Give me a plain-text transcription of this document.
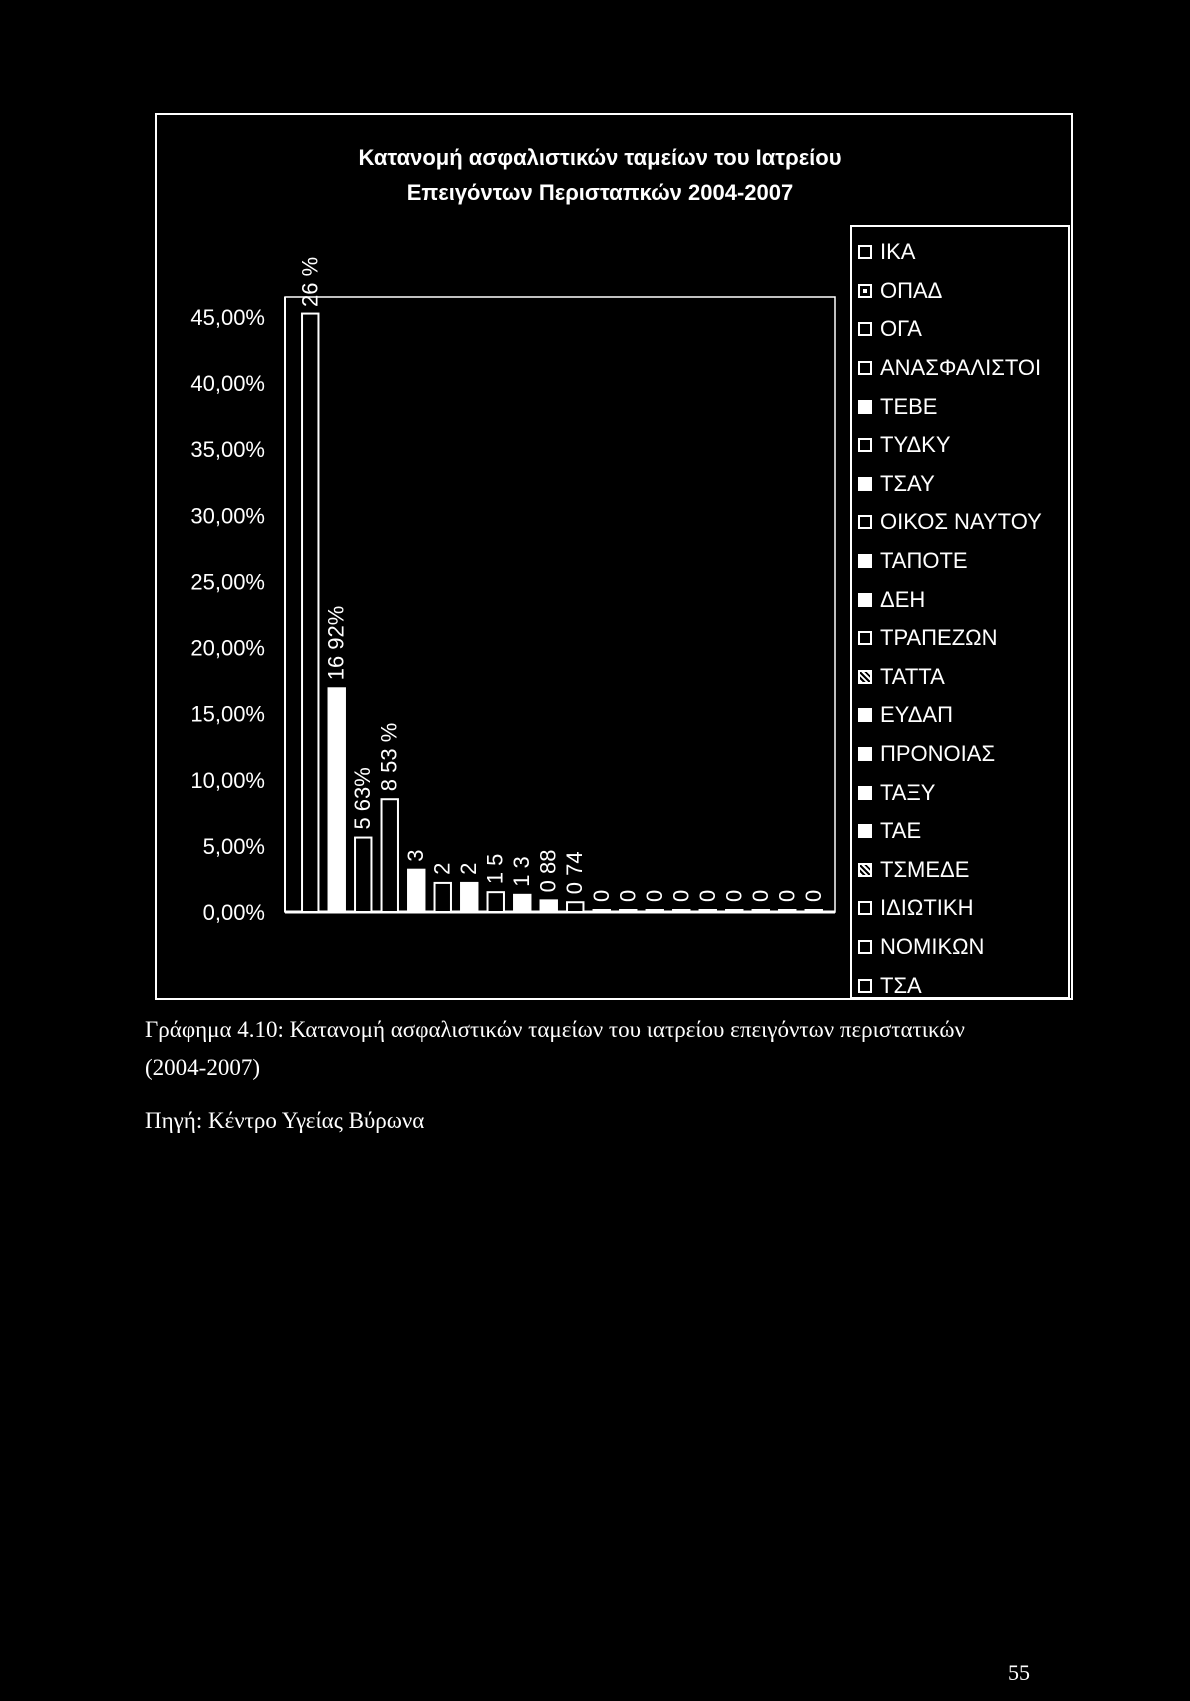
Κατανομή ασφαλιστικών ταμείων του Ιατρείου
Επειγόντων Περισταπκών 2004-2007
0,00%
5,00%
10,00%
15,00%
20,00%
25,00%
30,00%
35,00%
40,00%
45,00%
26 %
16 92%
5 63%
8 53 %
3
2 2 1 5 1 3 0 88 0 74
0 0 0 0 0 0 0 0 0
ΙΚΑ
ΟΠΑΔ
ΟΓΑ
ΑΝΑΣΦΑΛΙΣΤΟΙ
ΤΕΒΕ
ΤΥΔΚΥ
ΤΣΑΥ
ΟΙΚΟΣ ΝΑΥΤΟΥ
ΤΑΠΟΤΕ
ΔΕΗ
ΤΡΑΠΕΖΩΝ
ΤΑΤΤΑ
ΕΥΔΑΠ
ΠΡΟΝΟΙΑΣ
ΤΑΞΥ
ΤΑΕ
ΤΣΜΕΔΕ
ΙΔΙΩΤΙΚΗ
ΝΟΜΙΚΩΝ
ΤΣΑ
Γράφημα 4.10: Κατανομή ασφαλιστικών ταμείων του ιατρείου επειγόντων περιστατικών
(2004-2007)
Πηγή: Κέντρο Υγείας Βύρωνα
55
